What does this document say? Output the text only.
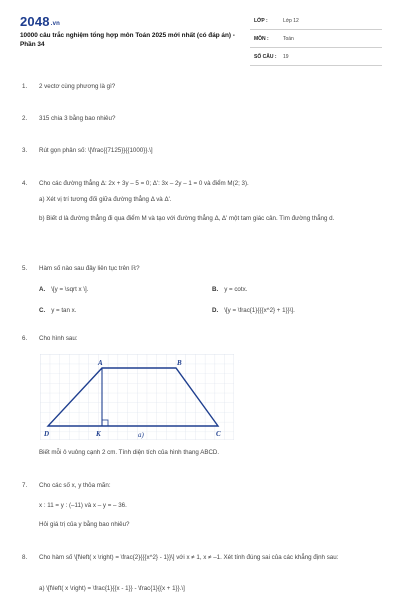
2048.vn
10000 câu trắc nghiệm tổng hợp môn Toán 2025 mới nhất (có đáp án) - Phần 34
LỚP :	Lớp 12
MÔN :	Toán
SỐ CÂU : 19
1.	2 vectơ cùng phương là gì?
2.	315 chia 3 bằng bao nhiêu?
3.	Rút gọn phân số: \[\frac{{7125}}{{1000}}.\]
4.	Cho các đường thẳng Δ: 2x + 3y – 5 = 0; Δ': 3x – 2y – 1 = 0 và điểm M(2; 3).
a) Xét vị trí tương đối giữa đường thẳng Δ và Δ'.
b) Biết d là đường thẳng đi qua điểm M và tạo với đường thẳng Δ, Δ' một tam giác cân. Tìm đường thẳng d.
5.	Hàm số nào sau đây liên tục trên ℝ?
A. \[y = \sqrt x \].	B. y = cotx.
C. y = tan x.	D. \[y = \frac{1}{{{x^2} + 1}}\].
6.	Cho hình sau:
A	B
C
D	K	a)
Biết mỗi ô vuông cạnh 2 cm. Tính diện tích của hình thang ABCD.
7.	Cho các số x, y thỏa mãn:
x : 11 = y : (–11) và x – y = – 36.
Hỏi giá trị của y bằng bao nhiêu?
8.	Cho hàm số \[f\left( x \right) = \frac{2}{{{x^2} - 1}}\] với x ≠ 1, x ≠ –1. Xét tính đúng sai của các khẳng định sau:
a) \[f\left( x \right) = \frac{1}{{x - 1}} - \frac{1}{{x + 1}}.\]
